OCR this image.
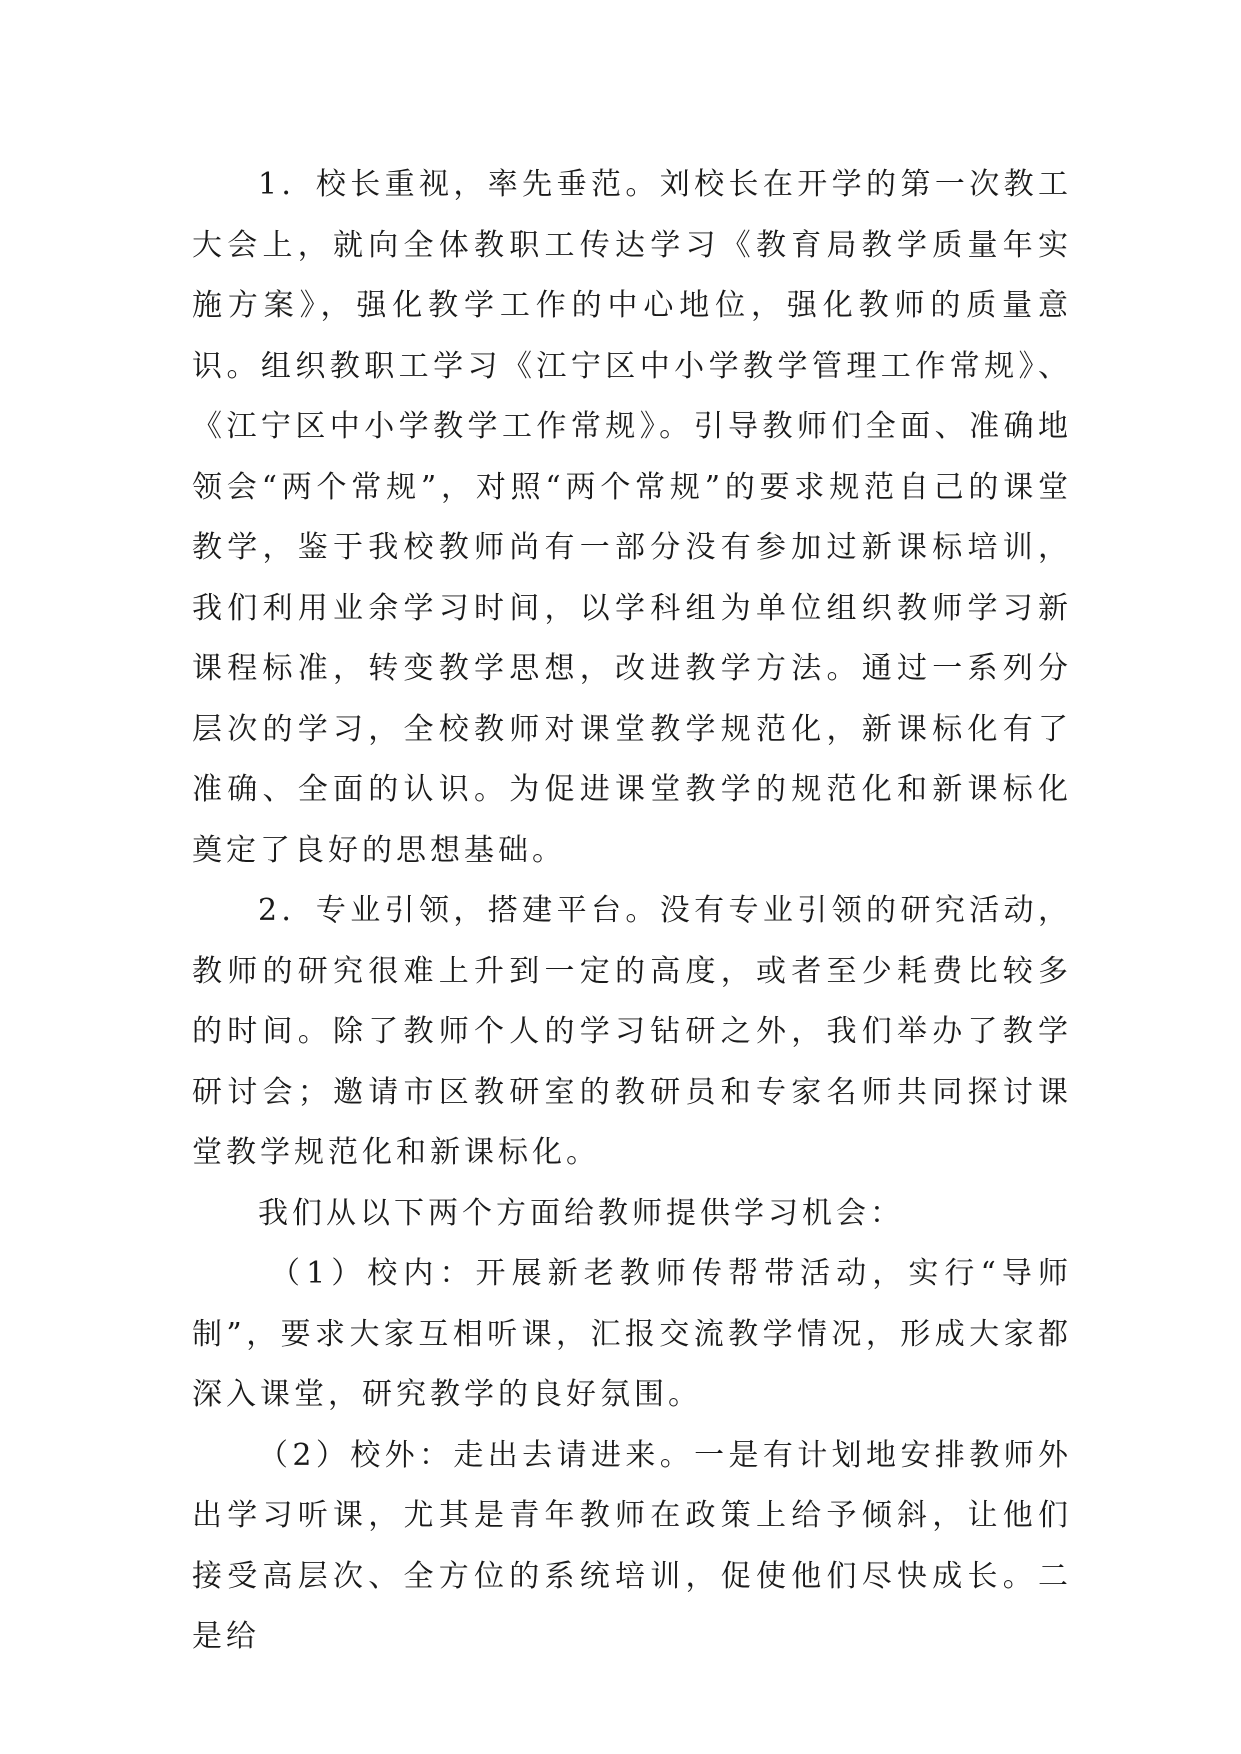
1．校长重视，率先垂范。刘校长在开学的第一次教工大会上，就向全体教职工传达学习《教育局教学质量年实施方案》，强化教学工作的中心地位，强化教师的质量意识。组织教职工学习《江宁区中小学教学管理工作常规》、《江宁区中小学教学工作常规》。引导教师们全面、准确地领会“两个常规”，对照“两个常规”的要求规范自己的课堂教学，鉴于我校教师尚有一部分没有参加过新课标培训，我们利用业余学习时间，以学科组为单位组织教师学习新课程标准，转变教学思想，改进教学方法。通过一系列分层次的学习，全校教师对课堂教学规范化，新课标化有了准确、全面的认识。为促进课堂教学的规范化和新课标化奠定了良好的思想基础。

2．专业引领，搭建平台。没有专业引领的研究活动，教师的研究很难上升到一定的高度，或者至少耗费比较多的时间。除了教师个人的学习钻研之外，我们举办了教学研讨会；邀请市区教研室的教研员和专家名师共同探讨课堂教学规范化和新课标化。

我们从以下两个方面给教师提供学习机会：

（1）校内：开展新老教师传帮带活动，实行“导师制”，要求大家互相听课，汇报交流教学情况，形成大家都深入课堂，研究教学的良好氛围。

（2）校外：走出去请进来。一是有计划地安排教师外出学习听课，尤其是青年教师在政策上给予倾斜，让他们接受高层次、全方位的系统培训，促使他们尽快成长。二是给
